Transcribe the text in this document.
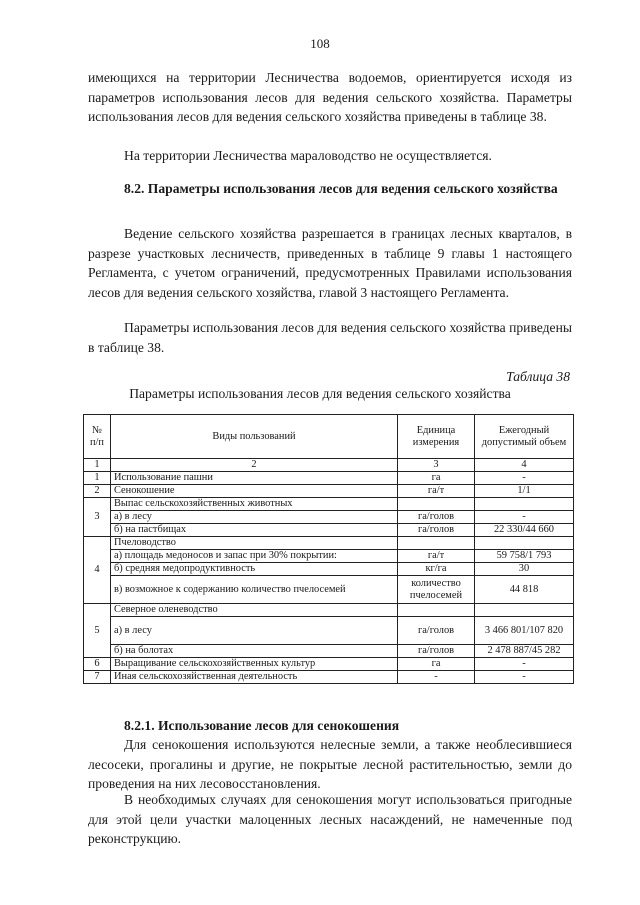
108

имеющихся на территории Лесничества водоемов, ориентируется исходя из параметров использования лесов для ведения сельского хозяйства. Параметры использования лесов для ведения сельского хозяйства приведены в таблице 38.

На территории Лесничества мараловодство не осуществляется.

8.2. Параметры использования лесов для ведения сельского хозяйства

Ведение сельского хозяйства разрешается в границах лесных кварталов, в разрезе участковых лесничеств, приведенных в таблице 9 главы 1 настоящего Регламента, с учетом ограничений, предусмотренных Правилами использования лесов для ведения сельского хозяйства, главой 3 настоящего Регламента.

Параметры использования лесов для ведения сельского хозяйства приведены в таблице 38.

Таблица 38
Параметры использования лесов для ведения сельского хозяйства
№ п/п	Виды пользований	Единица измерения	Ежегодный допустимый объем
1	2	3	4
1	Использование пашни	га	-
2	Сенокошение	га/т	1/1
3	Выпас сельскохозяйственных животных		
	а) в лесу	га/голов	-
	б) на пастбищах	га/голов	22 330/44 660
4	Пчеловодство		
	а) площадь медоносов и запас при 30% покрытии:	га/т	59 758/1 793
	б) средняя медопродуктивность	кг/га	30
	в) возможное к содержанию количество пчелосемей	количество пчелосемей	44 818
5	Северное оленеводство		
	а) в лесу	га/голов	3 466 801/107 820
	б) на болотах	га/голов	2 478 887/45 282
6	Выращивание сельскохозяйственных культур	га	-
7	Иная сельскохозяйственная деятельность	-	-

8.2.1. Использование лесов для сенокошения

Для сенокошения используются нелесные земли, а также необлесившиеся лесосеки, прогалины и другие, не покрытые лесной растительностью, земли до проведения на них лесовосстановления.

В необходимых случаях для сенокошения могут использоваться пригодные для этой цели участки малоценных лесных насаждений, не намеченные под реконструкцию.
